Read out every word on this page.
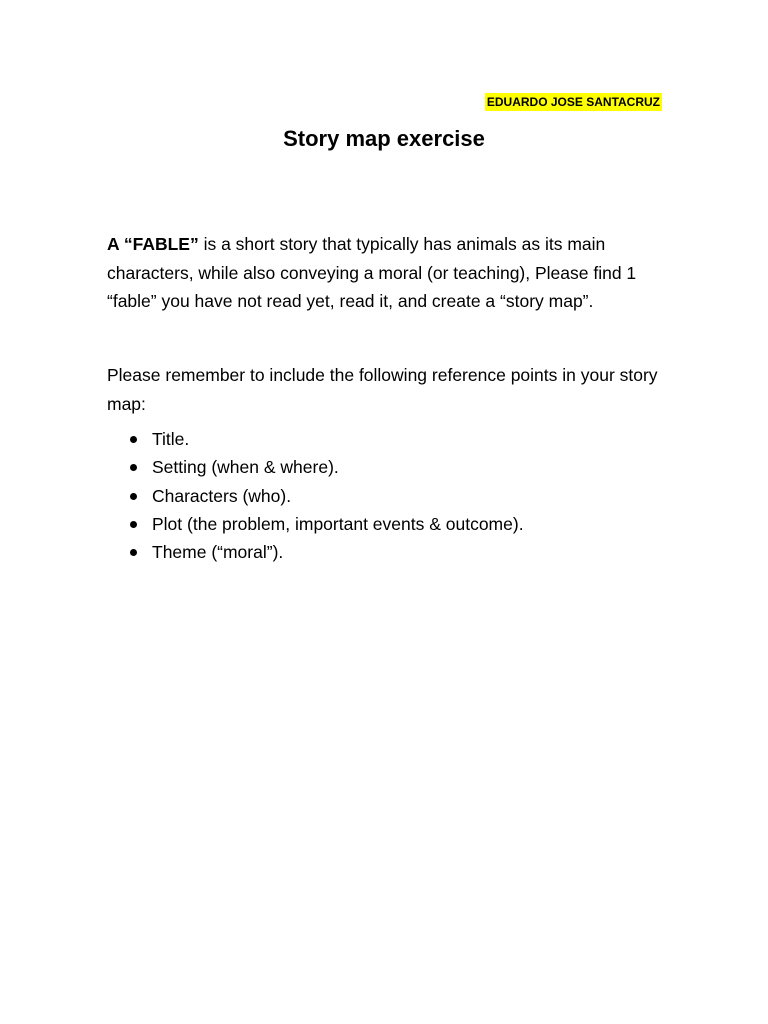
EDUARDO JOSE SANTACRUZ
Story map exercise

A “FABLE” is a short story that typically has animals as its main characters, while also conveying a moral (or teaching), Please find 1 “fable” you have not read yet, read it, and create a “story map”.

Please remember to include the following reference points in your story map:

Title.
Setting (when & where).
Characters (who).
Plot (the problem, important events & outcome).
Theme (“moral”).
